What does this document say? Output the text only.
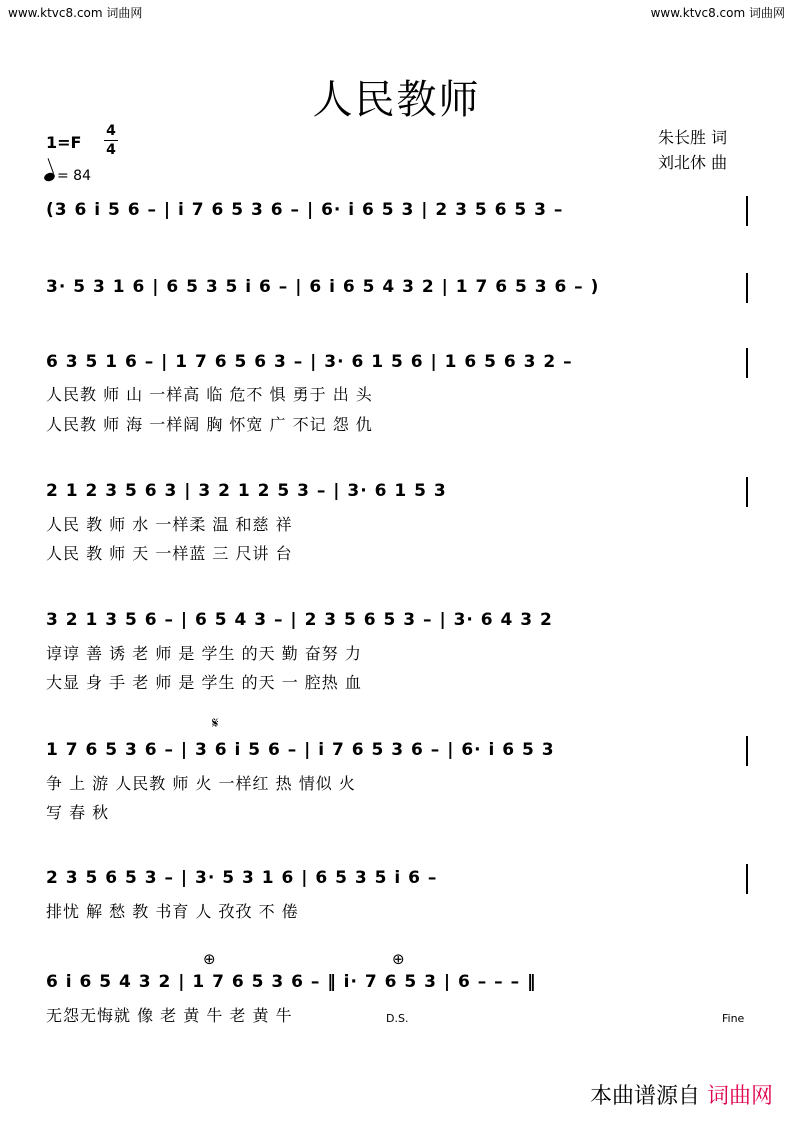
www.ktvc8.com 词曲网	www.ktvc8.com 词曲网
人民教师
1=F
4
4
= 84
朱长胜 词
刘北休 曲
(3 6 i 5 6 – | i 7 6 5 3 6 – | 6· i 6 5 3 | 2 3 5 6 5 3 –
3· 5 3 1 6 | 6 5 3 5 i 6 – | 6 i 6 5 4 3 2 | 1 7 6 5 3 6 – )
6 3 5 1 6 – | 1 7 6 5 6 3 – | 3· 6 1 5 6 | 1 6 5 6 3 2 –
人民教 师 山 一样高 临 危不 惧 勇于 出 头
人民教 师 海 一样阔 胸 怀宽 广 不记 怨 仇
2 1 2 3 5 6 3 | 3 2 1 2 5 3 – | 3· 6 1 5 3
人民 教 师 水 一样柔 温 和慈 祥
人民 教 师 天 一样蓝 三 尺讲 台
3 2 1 3 5 6 – | 6 5 4 3 – | 2 3 5 6 5 3 – | 3· 6 4 3 2
谆谆 善 诱 老 师 是 学生 的天 勤 奋努 力
大显 身 手 老 师 是 学生 的天 一 腔热 血
𝄋
1 7 6 5 3 6 – | 3 6 i 5 6 – | i 7 6 5 3 6 – | 6· i 6 5 3
争 上 游 人民教 师 火 一样红 热 情似 火
写 春 秋
2 3 5 6 5 3 – | 3· 5 3 1 6 | 6 5 3 5 i 6 –
排忧 解 愁 教 书育 人 孜孜 不 倦
⊕	⊕
6 i 6 5 4 3 2 | 1 7 6 5 3 6 – ‖ i· 7 6 5 3 | 6 – – – ‖
无怨无悔就 像 老 黄 牛 老 黄 牛	D.S.	Fine
本曲谱源自 词曲网
